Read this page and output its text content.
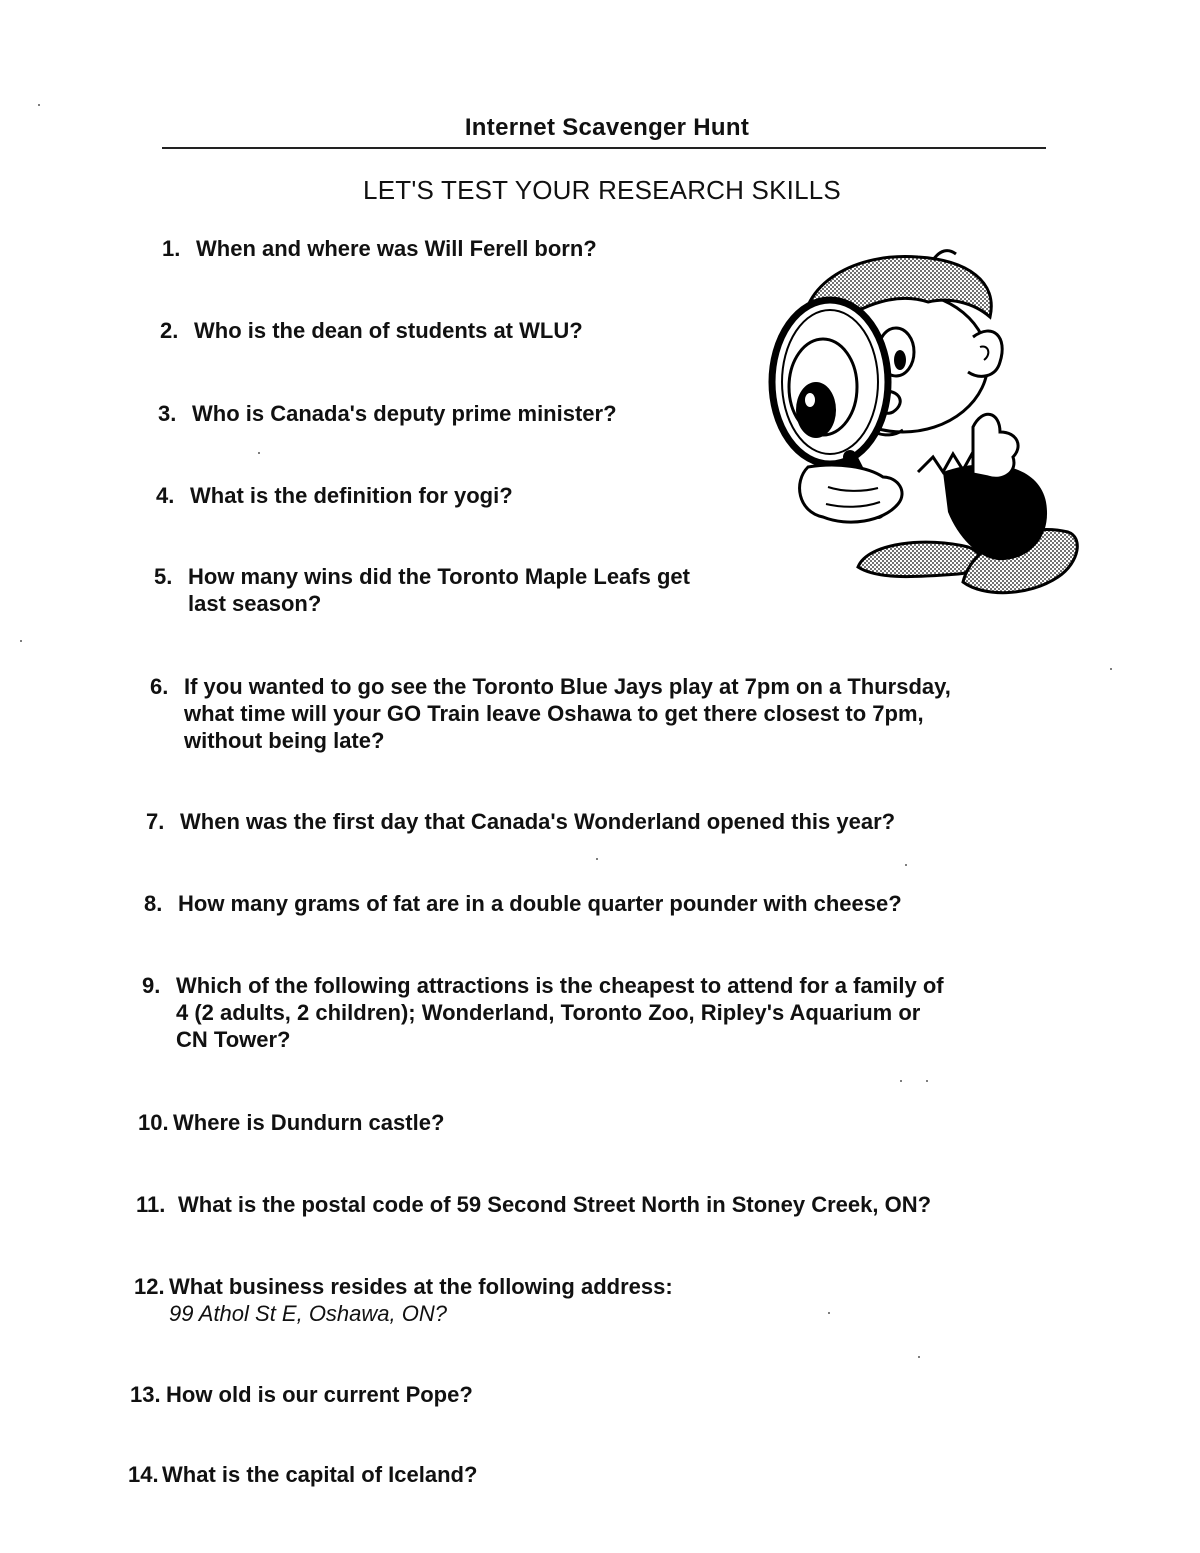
Internet Scavenger Hunt
LET'S TEST YOUR RESEARCH SKILLS
1. When and where was Will Ferell born?
2. Who is the dean of students at WLU?
3. Who is Canada's deputy prime minister?
4. What is the definition for yogi?
5. How many wins did the Toronto Maple Leafs get
last season?
6. If you wanted to go see the Toronto Blue Jays play at 7pm on a Thursday,
what time will your GO Train leave Oshawa to get there closest to 7pm,
without being late?
7. When was the first day that Canada's Wonderland opened this year?
8. How many grams of fat are in a double quarter pounder with cheese?
9. Which of the following attractions is the cheapest to attend for a family of
4 (2 adults, 2 children); Wonderland, Toronto Zoo, Ripley's Aquarium or
CN Tower?
10. Where is Dundurn castle?
11. What is the postal code of 59 Second Street North in Stoney Creek, ON?
12. What business resides at the following address:
99 Athol St E, Oshawa, ON?
13. How old is our current Pope?
14. What is the capital of Iceland?
